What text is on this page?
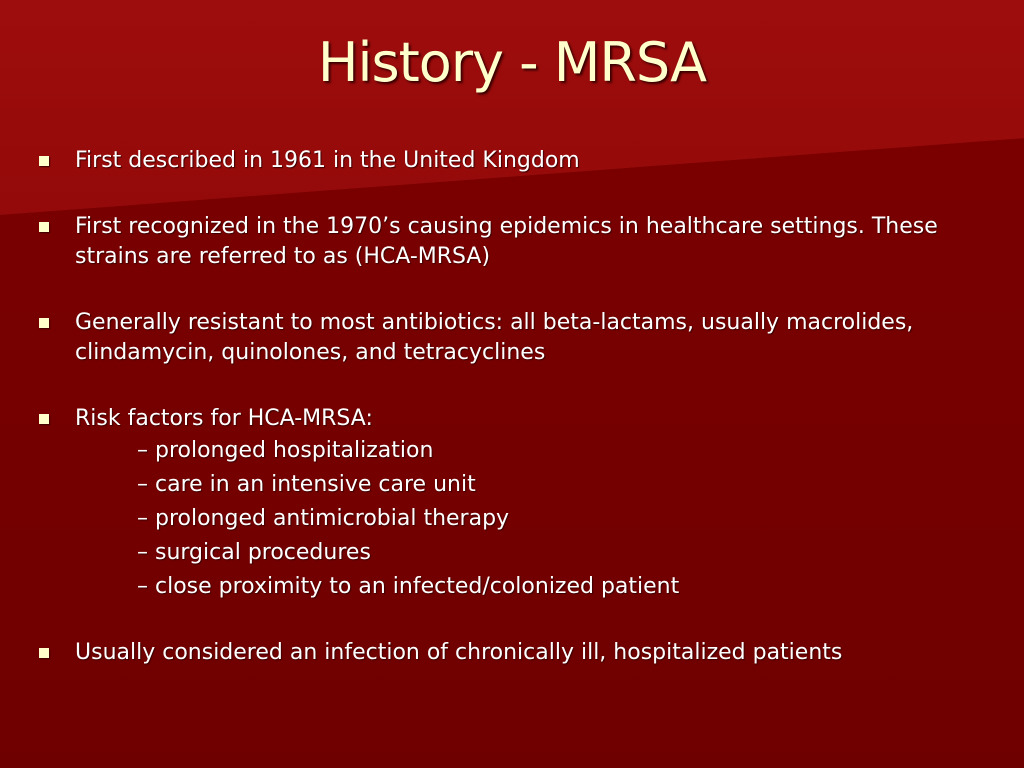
History - MRSA
First described in 1961 in the United Kingdom
First recognized in the 1970’s causing epidemics in healthcare settings. These strains are referred to as (HCA-MRSA)
Generally resistant to most antibiotics: all beta-lactams, usually macrolides, clindamycin, quinolones, and tetracyclines
Risk factors for HCA-MRSA:
– prolonged hospitalization
– care in an intensive care unit
– prolonged antimicrobial therapy
– surgical procedures
– close proximity to an infected/colonized patient
Usually considered an infection of chronically ill, hospitalized patients
